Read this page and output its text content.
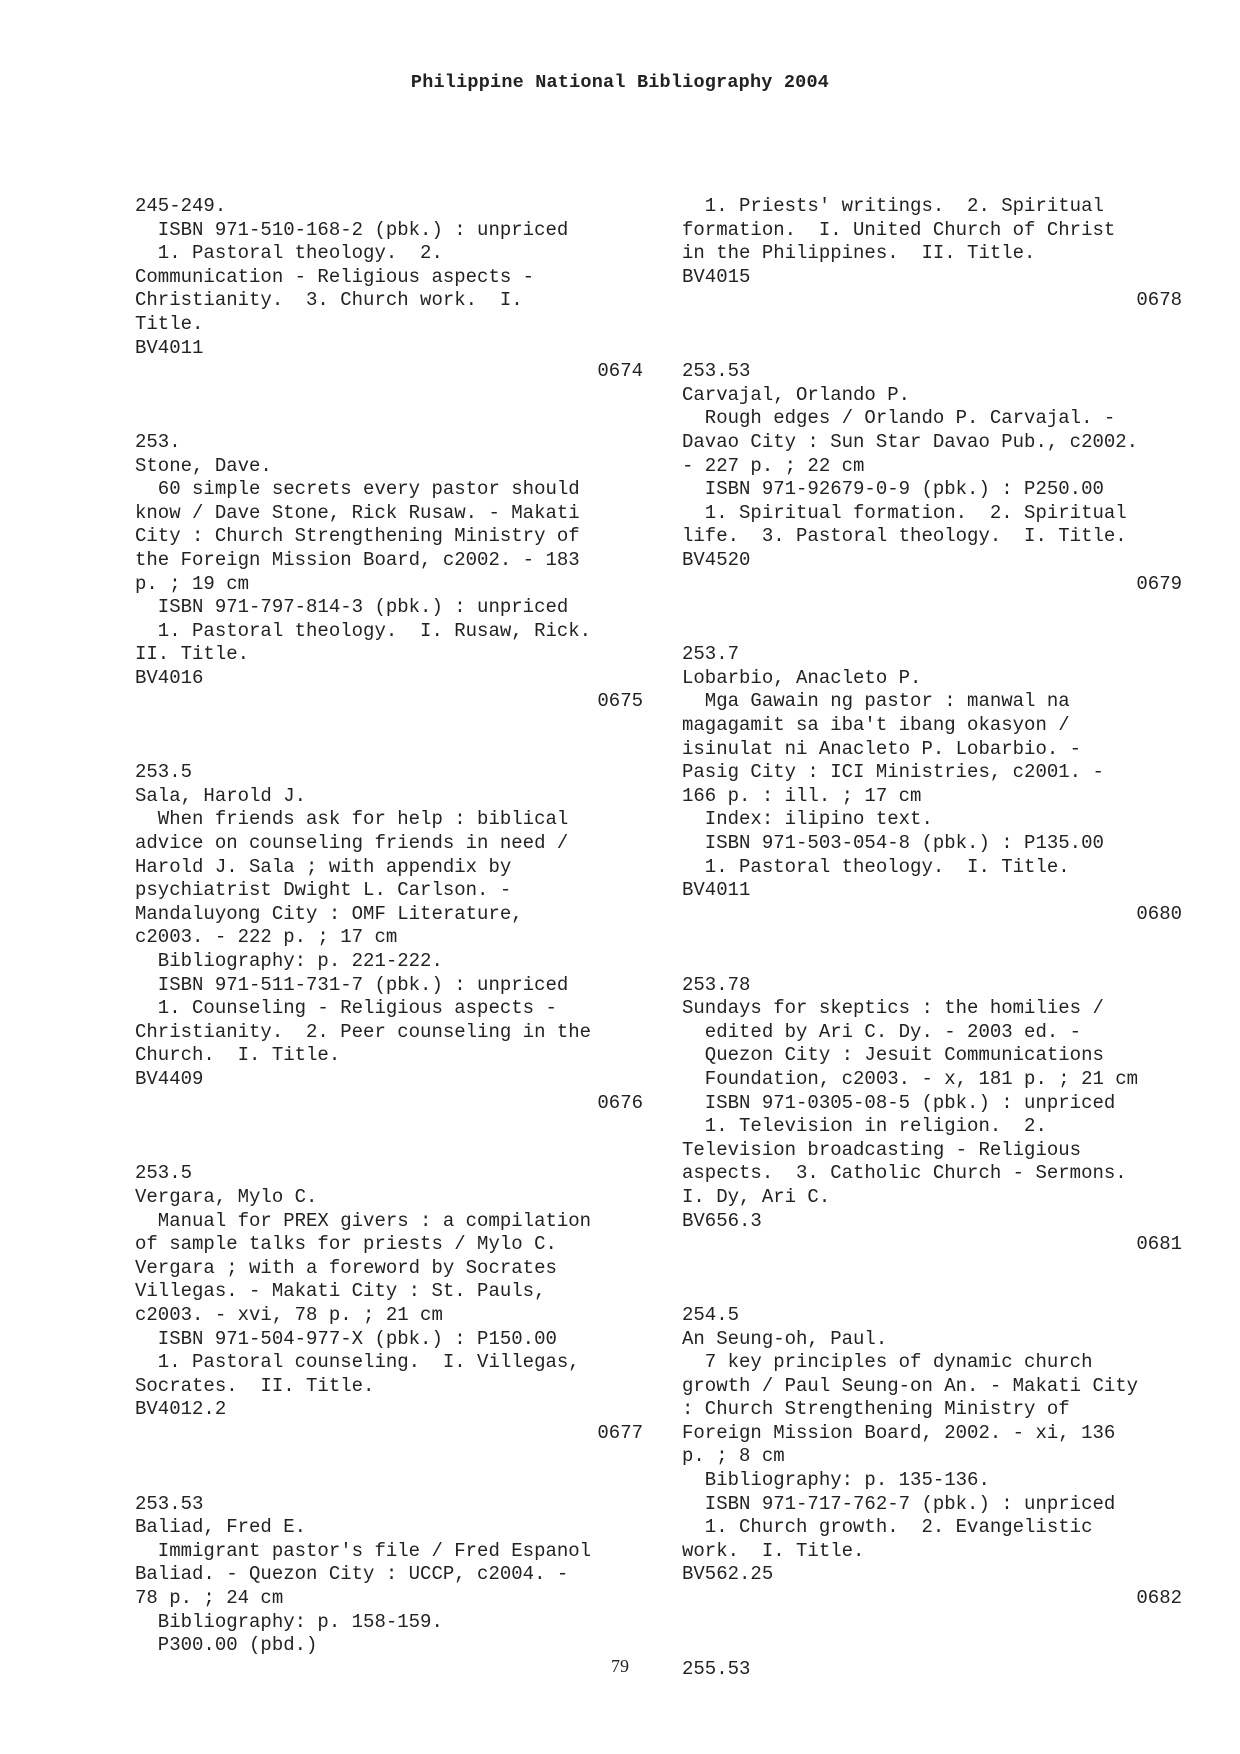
Philippine National Bibliography 2004
245-249.
ISBN 971-510-168-2 (pbk.) : unpriced
1. Pastoral theology.  2.
Communication - Religious aspects -
Christianity.  3. Church work.  I.
Title.
BV4011
0674
253.
Stone, Dave.
60 simple secrets every pastor should
know / Dave Stone, Rick Rusaw. - Makati
City : Church Strengthening Ministry of
the Foreign Mission Board, c2002. - 183
p. ; 19 cm
ISBN 971-797-814-3 (pbk.) : unpriced
1. Pastoral theology.  I. Rusaw, Rick.
II. Title.
BV4016
0675
253.5
Sala, Harold J.
When friends ask for help : biblical
advice on counseling friends in need /
Harold J. Sala ; with appendix by
psychiatrist Dwight L. Carlson. -
Mandaluyong City : OMF Literature,
c2003. - 222 p. ; 17 cm
Bibliography: p. 221-222.
ISBN 971-511-731-7 (pbk.) : unpriced
1. Counseling - Religious aspects -
Christianity.  2. Peer counseling in the
Church.  I. Title.
BV4409
0676
253.5
Vergara, Mylo C.
Manual for PREX givers : a compilation
of sample talks for priests / Mylo C.
Vergara ; with a foreword by Socrates
Villegas. - Makati City : St. Pauls,
c2003. - xvi, 78 p. ; 21 cm
ISBN 971-504-977-X (pbk.) : P150.00
1. Pastoral counseling.  I. Villegas,
Socrates.  II. Title.
BV4012.2
0677
253.53
Baliad, Fred E.
Immigrant pastor's file / Fred Espanol
Baliad. - Quezon City : UCCP, c2004. -
78 p. ; 24 cm
Bibliography: p. 158-159.
P300.00 (pbd.)
1. Priests' writings.  2. Spiritual
formation.  I. United Church of Christ
in the Philippines.  II. Title.
BV4015
0678
253.53
Carvajal, Orlando P.
Rough edges / Orlando P. Carvajal. -
Davao City : Sun Star Davao Pub., c2002.
- 227 p. ; 22 cm
ISBN 971-92679-0-9 (pbk.) : P250.00
1. Spiritual formation.  2. Spiritual
life.  3. Pastoral theology.  I. Title.
BV4520
0679
253.7
Lobarbio, Anacleto P.
Mga Gawain ng pastor : manwal na
magagamit sa iba't ibang okasyon /
isinulat ni Anacleto P. Lobarbio. -
Pasig City : ICI Ministries, c2001. -
166 p. : ill. ; 17 cm
Index: ilipino text.
ISBN 971-503-054-8 (pbk.) : P135.00
1. Pastoral theology.  I. Title.
BV4011
0680
253.78
Sundays for skeptics : the homilies /
edited by Ari C. Dy. - 2003 ed. -
Quezon City : Jesuit Communications
Foundation, c2003. - x, 181 p. ; 21 cm
ISBN 971-0305-08-5 (pbk.) : unpriced
1. Television in religion.  2.
Television broadcasting - Religious
aspects.  3. Catholic Church - Sermons.
I. Dy, Ari C.
BV656.3
0681
254.5
An Seung-oh, Paul.
7 key principles of dynamic church
growth / Paul Seung-on An. - Makati City
: Church Strengthening Ministry of
Foreign Mission Board, 2002. - xi, 136
p. ; 8 cm
Bibliography: p. 135-136.
ISBN 971-717-762-7 (pbk.) : unpriced
1. Church growth.  2. Evangelistic
work.  I. Title.
BV562.25
0682
255.53
79
